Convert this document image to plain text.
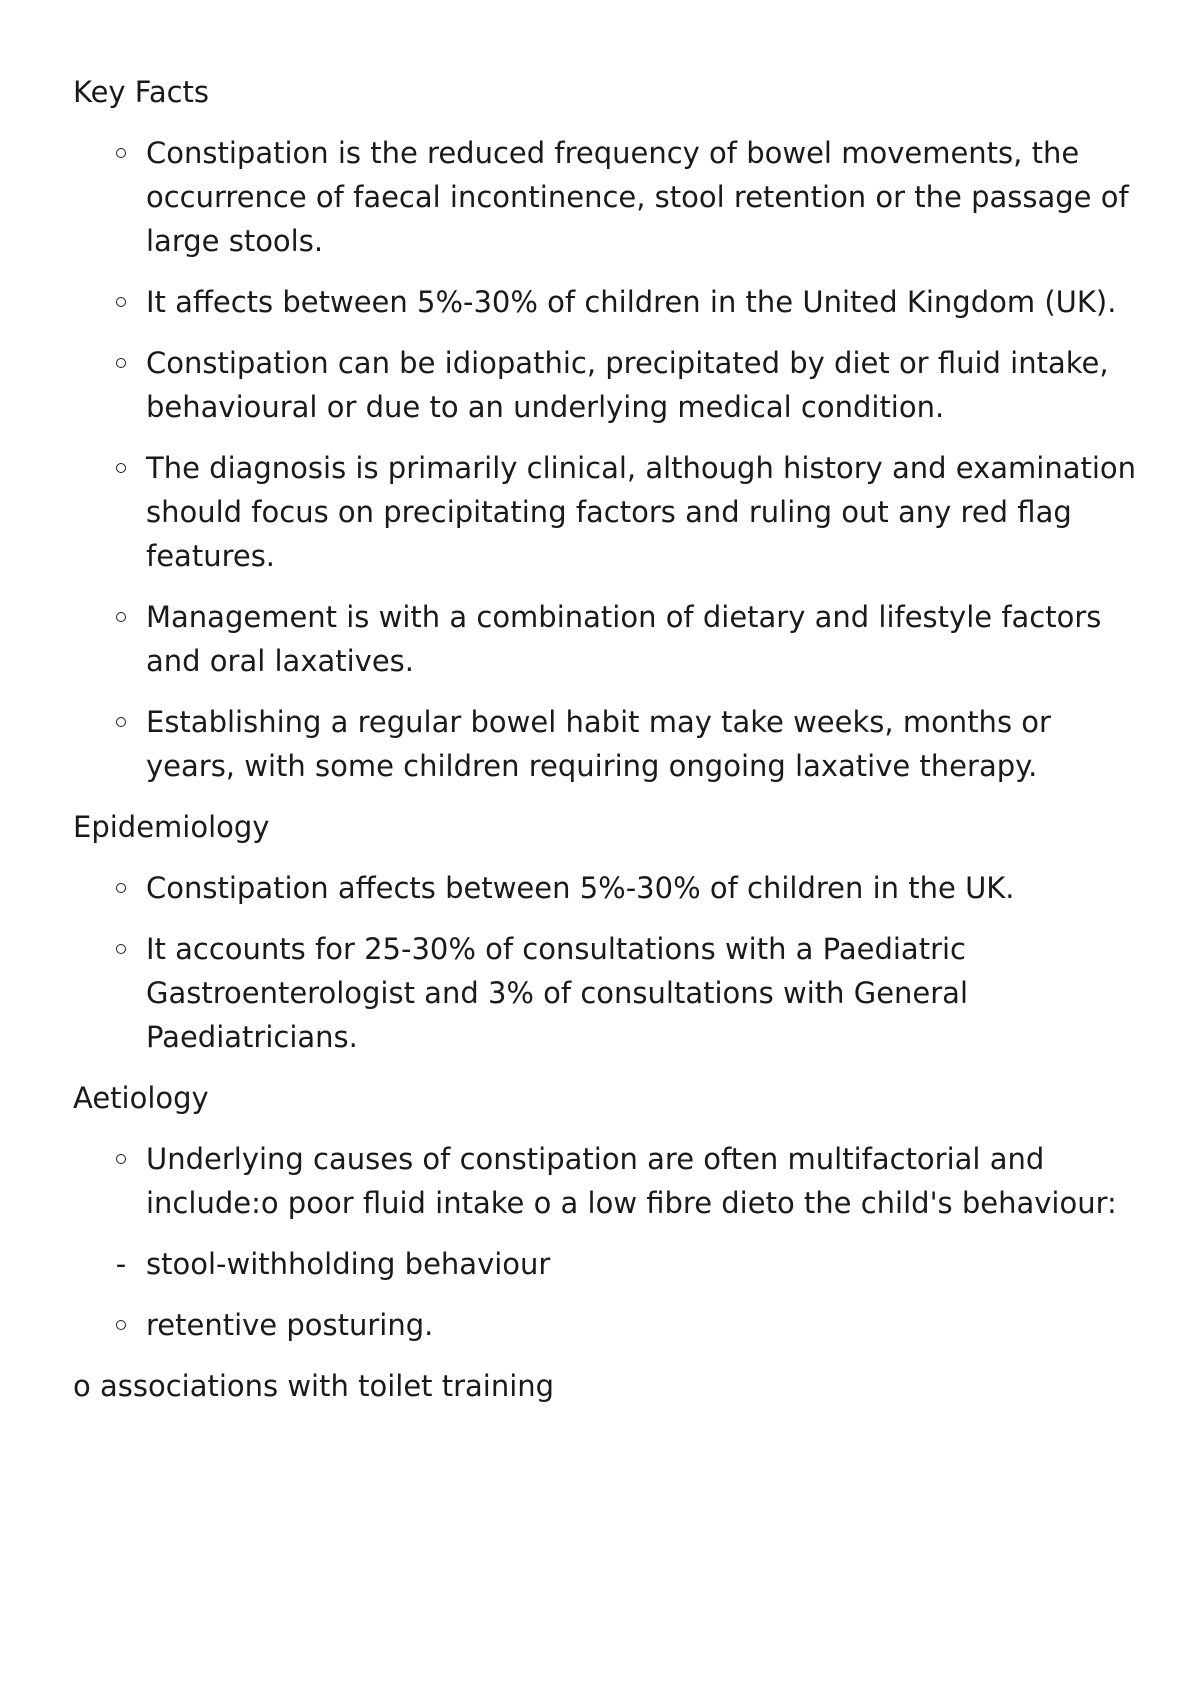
Key Facts
Constipation is the reduced frequency of bowel movements, the occurrence of faecal incontinence, stool retention or the passage of large stools.
It affects between 5%-30% of children in the United Kingdom (UK).
Constipation can be idiopathic, precipitated by diet or fluid intake, behavioural or due to an underlying medical condition.
The diagnosis is primarily clinical, although history and examination should focus on precipitating factors and ruling out any red flag features.
Management is with a combination of dietary and lifestyle factors and oral laxatives.
Establishing a regular bowel habit may take weeks, months or years, with some children requiring ongoing laxative therapy.
Epidemiology
Constipation affects between 5%-30% of children in the UK.
It accounts for 25-30% of consultations with a Paediatric Gastroenterologist and 3% of consultations with General Paediatricians.
Aetiology
Underlying causes of constipation are often multifactorial and include:o poor fluid intake o a low fibre dieto the child's behaviour:
-
stool-withholding behaviour
retentive posturing.

o associations with toilet training
